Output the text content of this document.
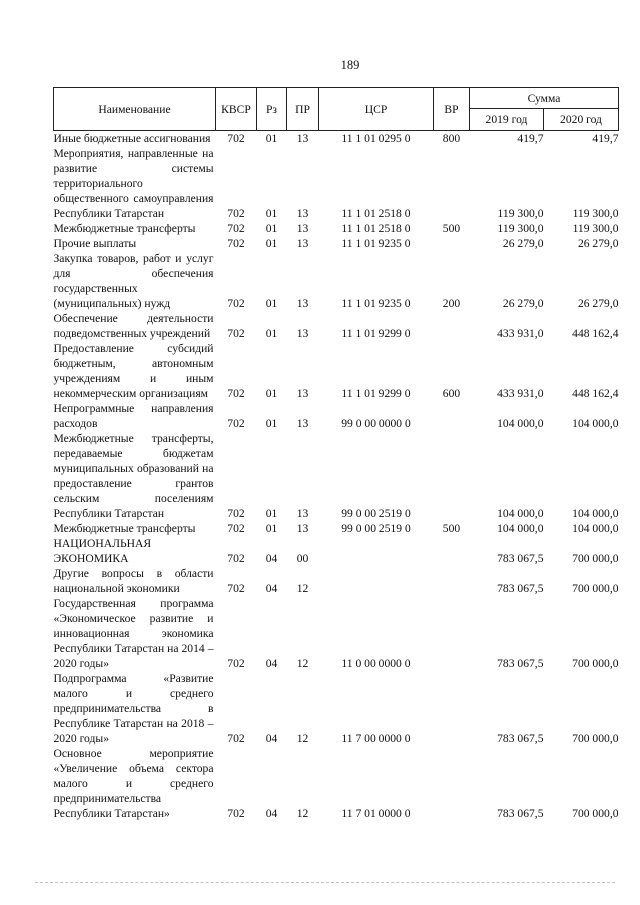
189
Наименование	КВСР	Рз	ПР	ЦСР	ВР	Сумма	
						2019 год	2020 год
Иные бюджетные ассигнования	702	01	13	11 1 01 0295 0	800	419,7	419,7
Мероприятия, направленные на развитие системы территориального общественного самоуправления Республики Татарстан	702	01	13	11 1 01 2518 0		119 300,0	119 300,0
Межбюджетные трансферты	702	01	13	11 1 01 2518 0	500	119 300,0	119 300,0
Прочие выплаты	702	01	13	11 1 01 9235 0		26 279,0	26 279,0
Закупка товаров, работ и услуг для обеспечения государственных (муниципальных) нужд	702	01	13	11 1 01 9235 0	200	26 279,0	26 279,0
Обеспечение деятельности подведомственных учреждений	702	01	13	11 1 01 9299 0		433 931,0	448 162,4
Предоставление субсидий бюджетным, автономным учреждениям и иным некоммерческим организациям	702	01	13	11 1 01 9299 0	600	433 931,0	448 162,4
Непрограммные направления расходов	702	01	13	99 0 00 0000 0		104 000,0	104 000,0
Межбюджетные трансферты, передаваемые бюджетам муниципальных образований на предоставление грантов сельским поселениям Республики Татарстан	702	01	13	99 0 00 2519 0		104 000,0	104 000,0
Межбюджетные трансферты	702	01	13	99 0 00 2519 0	500	104 000,0	104 000,0
НАЦИОНАЛЬНАЯ ЭКОНОМИКА	702	04	00			783 067,5	700 000,0
Другие вопросы в области национальной экономики	702	04	12			783 067,5	700 000,0
Государственная программа «Экономическое развитие и инновационная экономика Республики Татарстан на 2014 – 2020 годы»	702	04	12	11 0 00 0000 0		783 067,5	700 000,0
Подпрограмма «Развитие малого и среднего предпринимательства в Республике Татарстан на 2018 – 2020 годы»	702	04	12	11 7 00 0000 0		783 067,5	700 000,0
Основное мероприятие «Увеличение объема сектора малого и среднего предпринимательства Республики Татарстан»	702	04	12	11 7 01 0000 0		783 067,5	700 000,0
